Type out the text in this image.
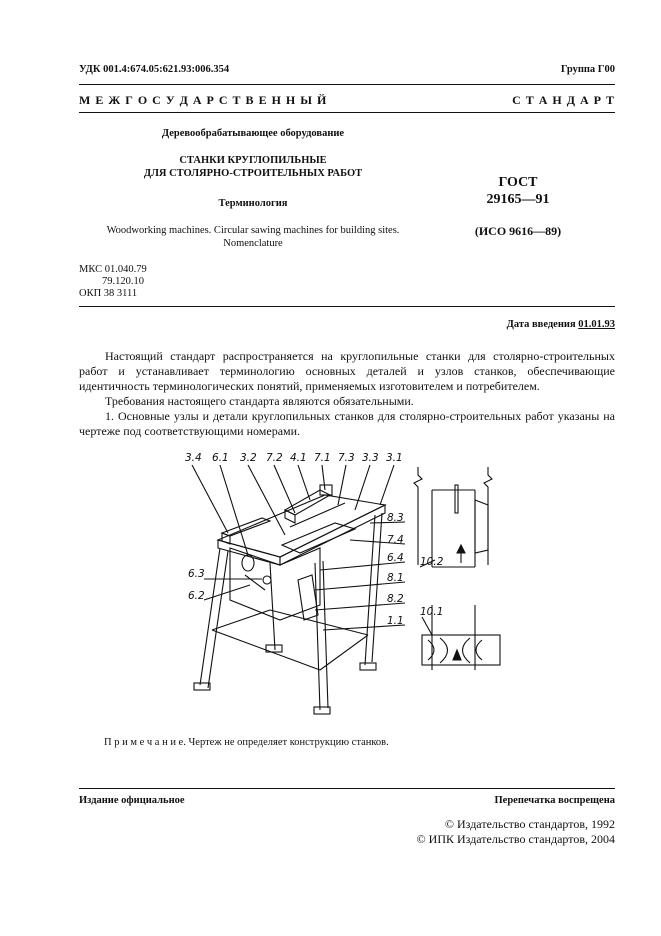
УДК 001.4:674.05:621.93:006.354	Группа Г00
М Е Ж Г О С У Д А Р С Т В Е Н Н Ы Й	С Т А Н Д А Р Т
Деревообрабатывающее оборудование
СТАНКИ КРУГЛОПИЛЬНЫЕ
ДЛЯ СТОЛЯРНО-СТРОИТЕЛЬНЫХ РАБОТ
Терминология
Woodworking machines. Circular sawing machines for building sites.
Nomenclature
ГОСТ
29165—91
(ИСО 9616—89)
МКС 01.040.79
79.120.10
ОКП 38 3111
Дата введения 01.01.93
Настоящий стандарт распространяется на круглопильные станки для столярно-строительных работ и устанавливает терминологию основных деталей и узлов станков, обеспечивающие идентичность терминологических понятий, применяемых изготовителем и потребителем.
Требования настоящего стандарта являются обязательными.
1. Основные узлы и детали круглопильных станков для столярно-строительных работ указаны на чертеже под соответствующими номерами.
3.4 6.1 3.2 7.2 4.1 7.1 7.3 3.3 3.1
8.3
7.4
6.4
8.1
8.2
1.1
6.3
6.2
10.2
10.1
П р и м е ч а н и е. Чертеж не определяет конструкцию станков.
Издание официальное	Перепечатка воспрещена
© Издательство стандартов, 1992
© ИПК Издательство стандартов, 2004
